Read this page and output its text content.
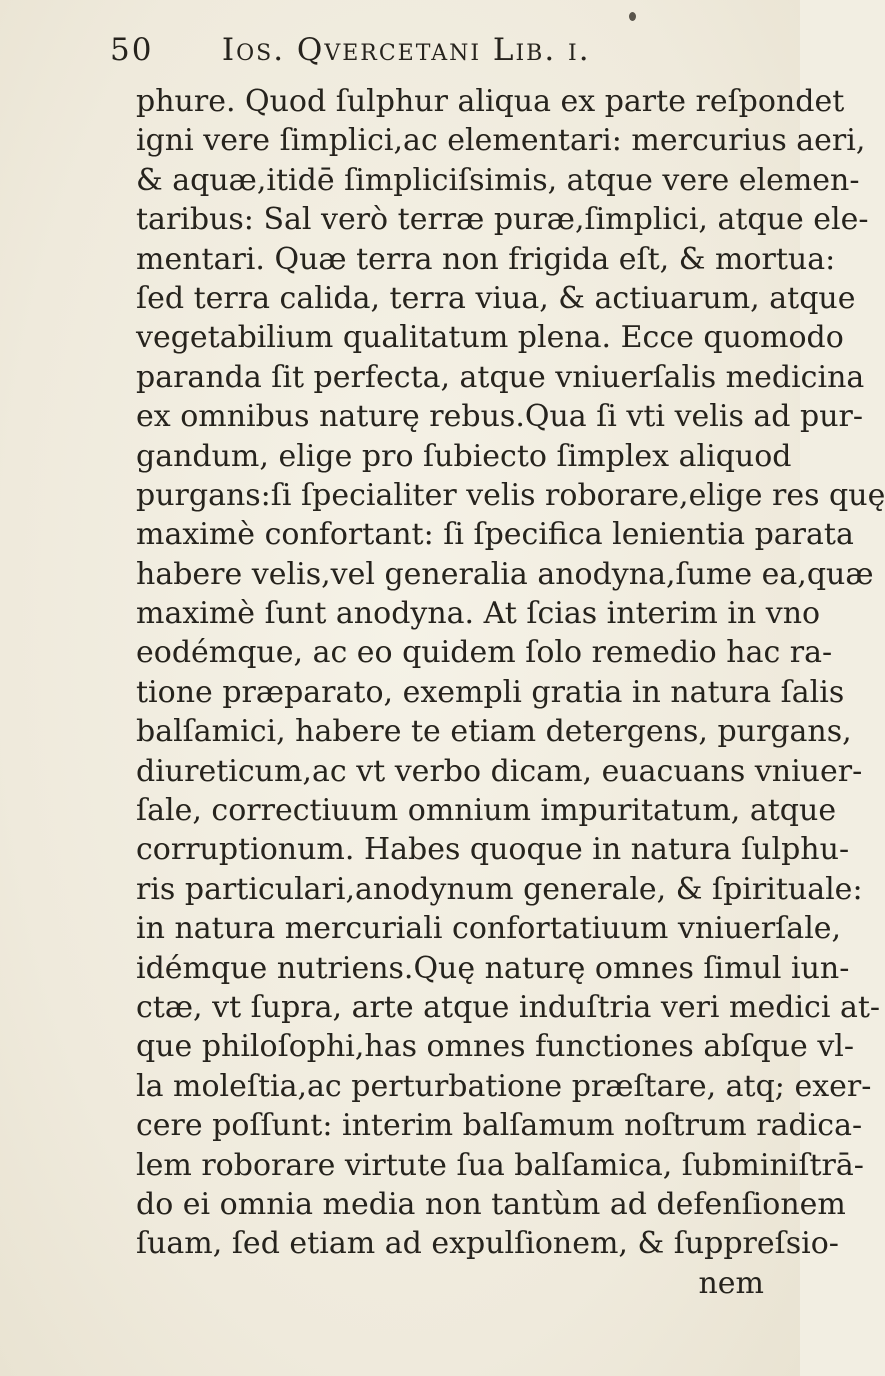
50 Ios. Qvercetani Lib. i.
phure. Quod ſulphur aliqua ex parte reſpondet
igni vere ſimplici,ac elementari: mercurius aeri,
& aquæ,itidē ſimpliciſsimis, atque vere elemen-
taribus: Sal verò terræ puræ,ſimplici, atque ele-
mentari. Quæ terra non frigida eſt, & mortua:
ſed terra calida, terra viua, & actiuarum, atque
vegetabilium qualitatum plena. Ecce quomodo
paranda ſit perfecta, atque vniuerſalis medicina
ex omnibus naturę rebus.Qua ſi vti velis ad pur-
gandum, elige pro ſubiecto ſimplex aliquod
purgans:ſi ſpecialiter velis roborare,elige res quę
maximè confortant: ſi ſpecifica lenientia parata
habere velis,vel generalia anodyna,ſume ea,quæ
maximè ſunt anodyna. At ſcias interim in vno
eodémque, ac eo quidem ſolo remedio hac ra-
tione præparato, exempli gratia in natura ſalis
balſamici, habere te etiam detergens, purgans,
diureticum,ac vt verbo dicam, euacuans vniuer-
ſale, correctiuum omnium impuritatum, atque
corruptionum. Habes quoque in natura ſulphu-
ris particulari,anodynum generale, & ſpirituale:
in natura mercuriali confortatiuum vniuerſale,
idémque nutriens.Quę naturę omnes ſimul iun-
ctæ, vt ſupra, arte atque induſtria veri medici at-
que philoſophi,has omnes functiones abſque vl-
la moleſtia,ac perturbatione præſtare, atq; exer-
cere poſſunt: interim balſamum noſtrum radica-
lem roborare virtute ſua balſamica, ſubminiſtrā-
do ei omnia media non tantùm ad defenſionem
ſuam, ſed etiam ad expulſionem, & ſuppreſsio-
nem
